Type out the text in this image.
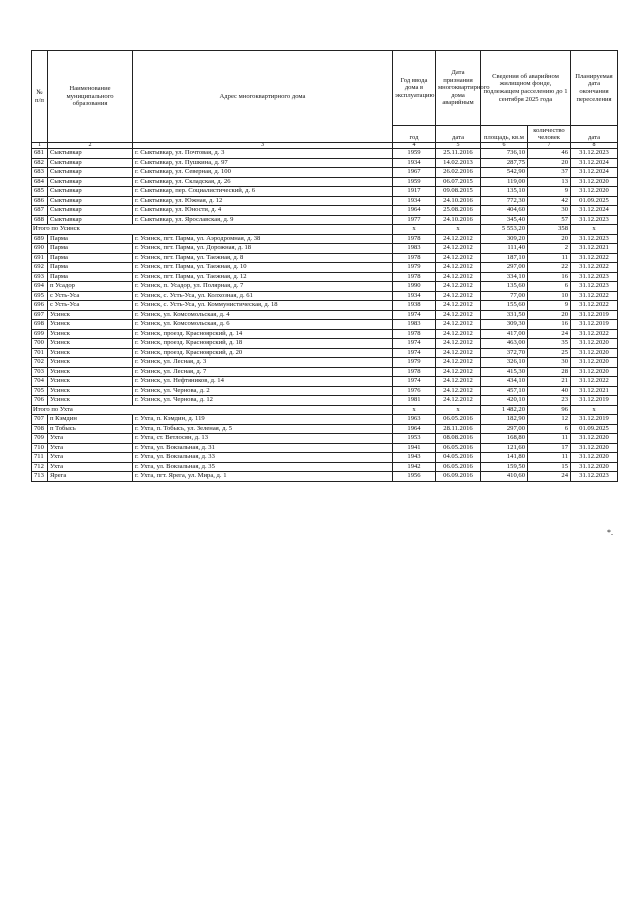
№ п/п	Наименование муниципального образования	Адрес многоквартирного дома	Год ввода дома в эксплуатацию	Дата признания многоквартирного дома аварийным	Сведения об аварийном жилищном фонде, подлежащем расселению до 1 сентября 2025 года		Планируемая дата окончания переселения
			год	дата	площадь, кв.м	количество человек	дата
1	2	3	4	5	6	7	8
681	Сыктывкар	г. Сыктывкар, ул. Почтовая, д. 3	1959	25.11.2016	736,10	46	31.12.2023
682	Сыктывкар	г. Сыктывкар, ул. Пушкина, д. 97	1934	14.02.2013	287,75	20	31.12.2024
683	Сыктывкар	г. Сыктывкар, ул. Северная, д. 100	1967	26.02.2016	542,90	37	31.12.2024
684	Сыктывкар	г. Сыктывкар, ул. Складская, д. 26	1959	06.07.2015	119,00	13	31.12.2020
685	Сыктывкар	г. Сыктывкар, пер. Социалистический, д. 6	1917	09.08.2015	135,10	9	31.12.2020
686	Сыктывкар	г. Сыктывкар, ул. Южная, д. 12	1934	24.10.2016	772,30	42	01.09.2025
687	Сыктывкар	г. Сыктывкар, ул. Юности, д. 4	1964	25.08.2016	404,60	30	31.12.2024
688	Сыктывкар	г. Сыктывкар, ул. Ярославская, д. 9	1977	24.10.2016	345,40	57	31.12.2023
Итого по Усинск			х	х	5 553,20	358	х
689	Парма	г. Усинск, пгт. Парма, ул. Аэродромная, д. 38	1978	24.12.2012	309,20	20	31.12.2023
690	Парма	г. Усинск, пгт. Парма, ул. Дорожная, д. 18	1983	24.12.2012	111,40	2	31.12.2021
691	Парма	г. Усинск, пгт. Парма, ул. Таежная, д. 8	1978	24.12.2012	187,10	11	31.12.2022
692	Парма	г. Усинск, пгт. Парма, ул. Таежная, д. 10	1979	24.12.2012	297,00	22	31.12.2022
693	Парма	г. Усинск, пгт. Парма, ул. Таежная, д. 12	1978	24.12.2012	334,10	16	31.12.2023
694	п Усадор	г. Усинск, п. Усадор, ул. Полярная, д. 7	1990	24.12.2012	135,60	6	31.12.2023
695	с Усть-Уса	г. Усинск, с. Усть-Уса, ул. Колхозная, д. 61	1934	24.12.2012	77,00	10	31.12.2022
696	с Усть-Уса	г. Усинск, с. Усть-Уса, ул. Коммунистическая, д. 18	1938	24.12.2012	155,60	9	31.12.2022
697	Усинск	г. Усинск, ул. Комсомольская, д. 4	1974	24.12.2012	331,50	20	31.12.2019
698	Усинск	г. Усинск, ул. Комсомольская, д. 6	1983	24.12.2012	309,30	16	31.12.2019
699	Усинск	г. Усинск, проезд. Красноярский, д. 14	1978	24.12.2012	417,00	24	31.12.2022
700	Усинск	г. Усинск, проезд. Красноярский, д. 18	1974	24.12.2012	463,00	35	31.12.2020
701	Усинск	г. Усинск, проезд. Красноярский, д. 20	1974	24.12.2012	372,70	25	31.12.2020
702	Усинск	г. Усинск, ул. Лесная, д. 3	1979	24.12.2012	326,10	30	31.12.2020
703	Усинск	г. Усинск, ул. Лесная, д. 7	1978	24.12.2012	415,30	28	31.12.2020
704	Усинск	г. Усинск, ул. Нефтяников, д. 14	1974	24.12.2012	434,10	21	31.12.2022
705	Усинск	г. Усинск, ул. Чернова, д. 2	1976	24.12.2012	457,10	40	31.12.2021
706	Усинск	г. Усинск, ул. Чернова, д. 12	1981	24.12.2012	420,10	23	31.12.2019
Итого по Ухта			х	х	1 482,20	96	х
707	п Кэмдин	г. Ухта, п. Кэмдин, д. 119	1963	06.05.2016	182,90	12	31.12.2019
708	п Тобысь	г. Ухта, п. Тобысь, ул. Зеленая, д. 5	1964	28.11.2016	297,00	6	01.09.2025
709	Ухта	г. Ухта, ст. Ветлосян, д. 13	1953	08.08.2016	168,80	11	31.12.2020
710	Ухта	г. Ухта, ул. Вокзальная, д. 31	1941	06.05.2016	121,60	17	31.12.2020
711	Ухта	г. Ухта, ул. Вокзальная, д. 33	1943	04.05.2016	141,80	11	31.12.2020
712	Ухта	г. Ухта, ул. Вокзальная, д. 35	1942	06.05.2016	159,50	15	31.12.2020
713	Ярега	г. Ухта, пгт. Ярега, ул. Мира, д. 1	1956	06.09.2016	410,60	24	31.12.2023
*.
